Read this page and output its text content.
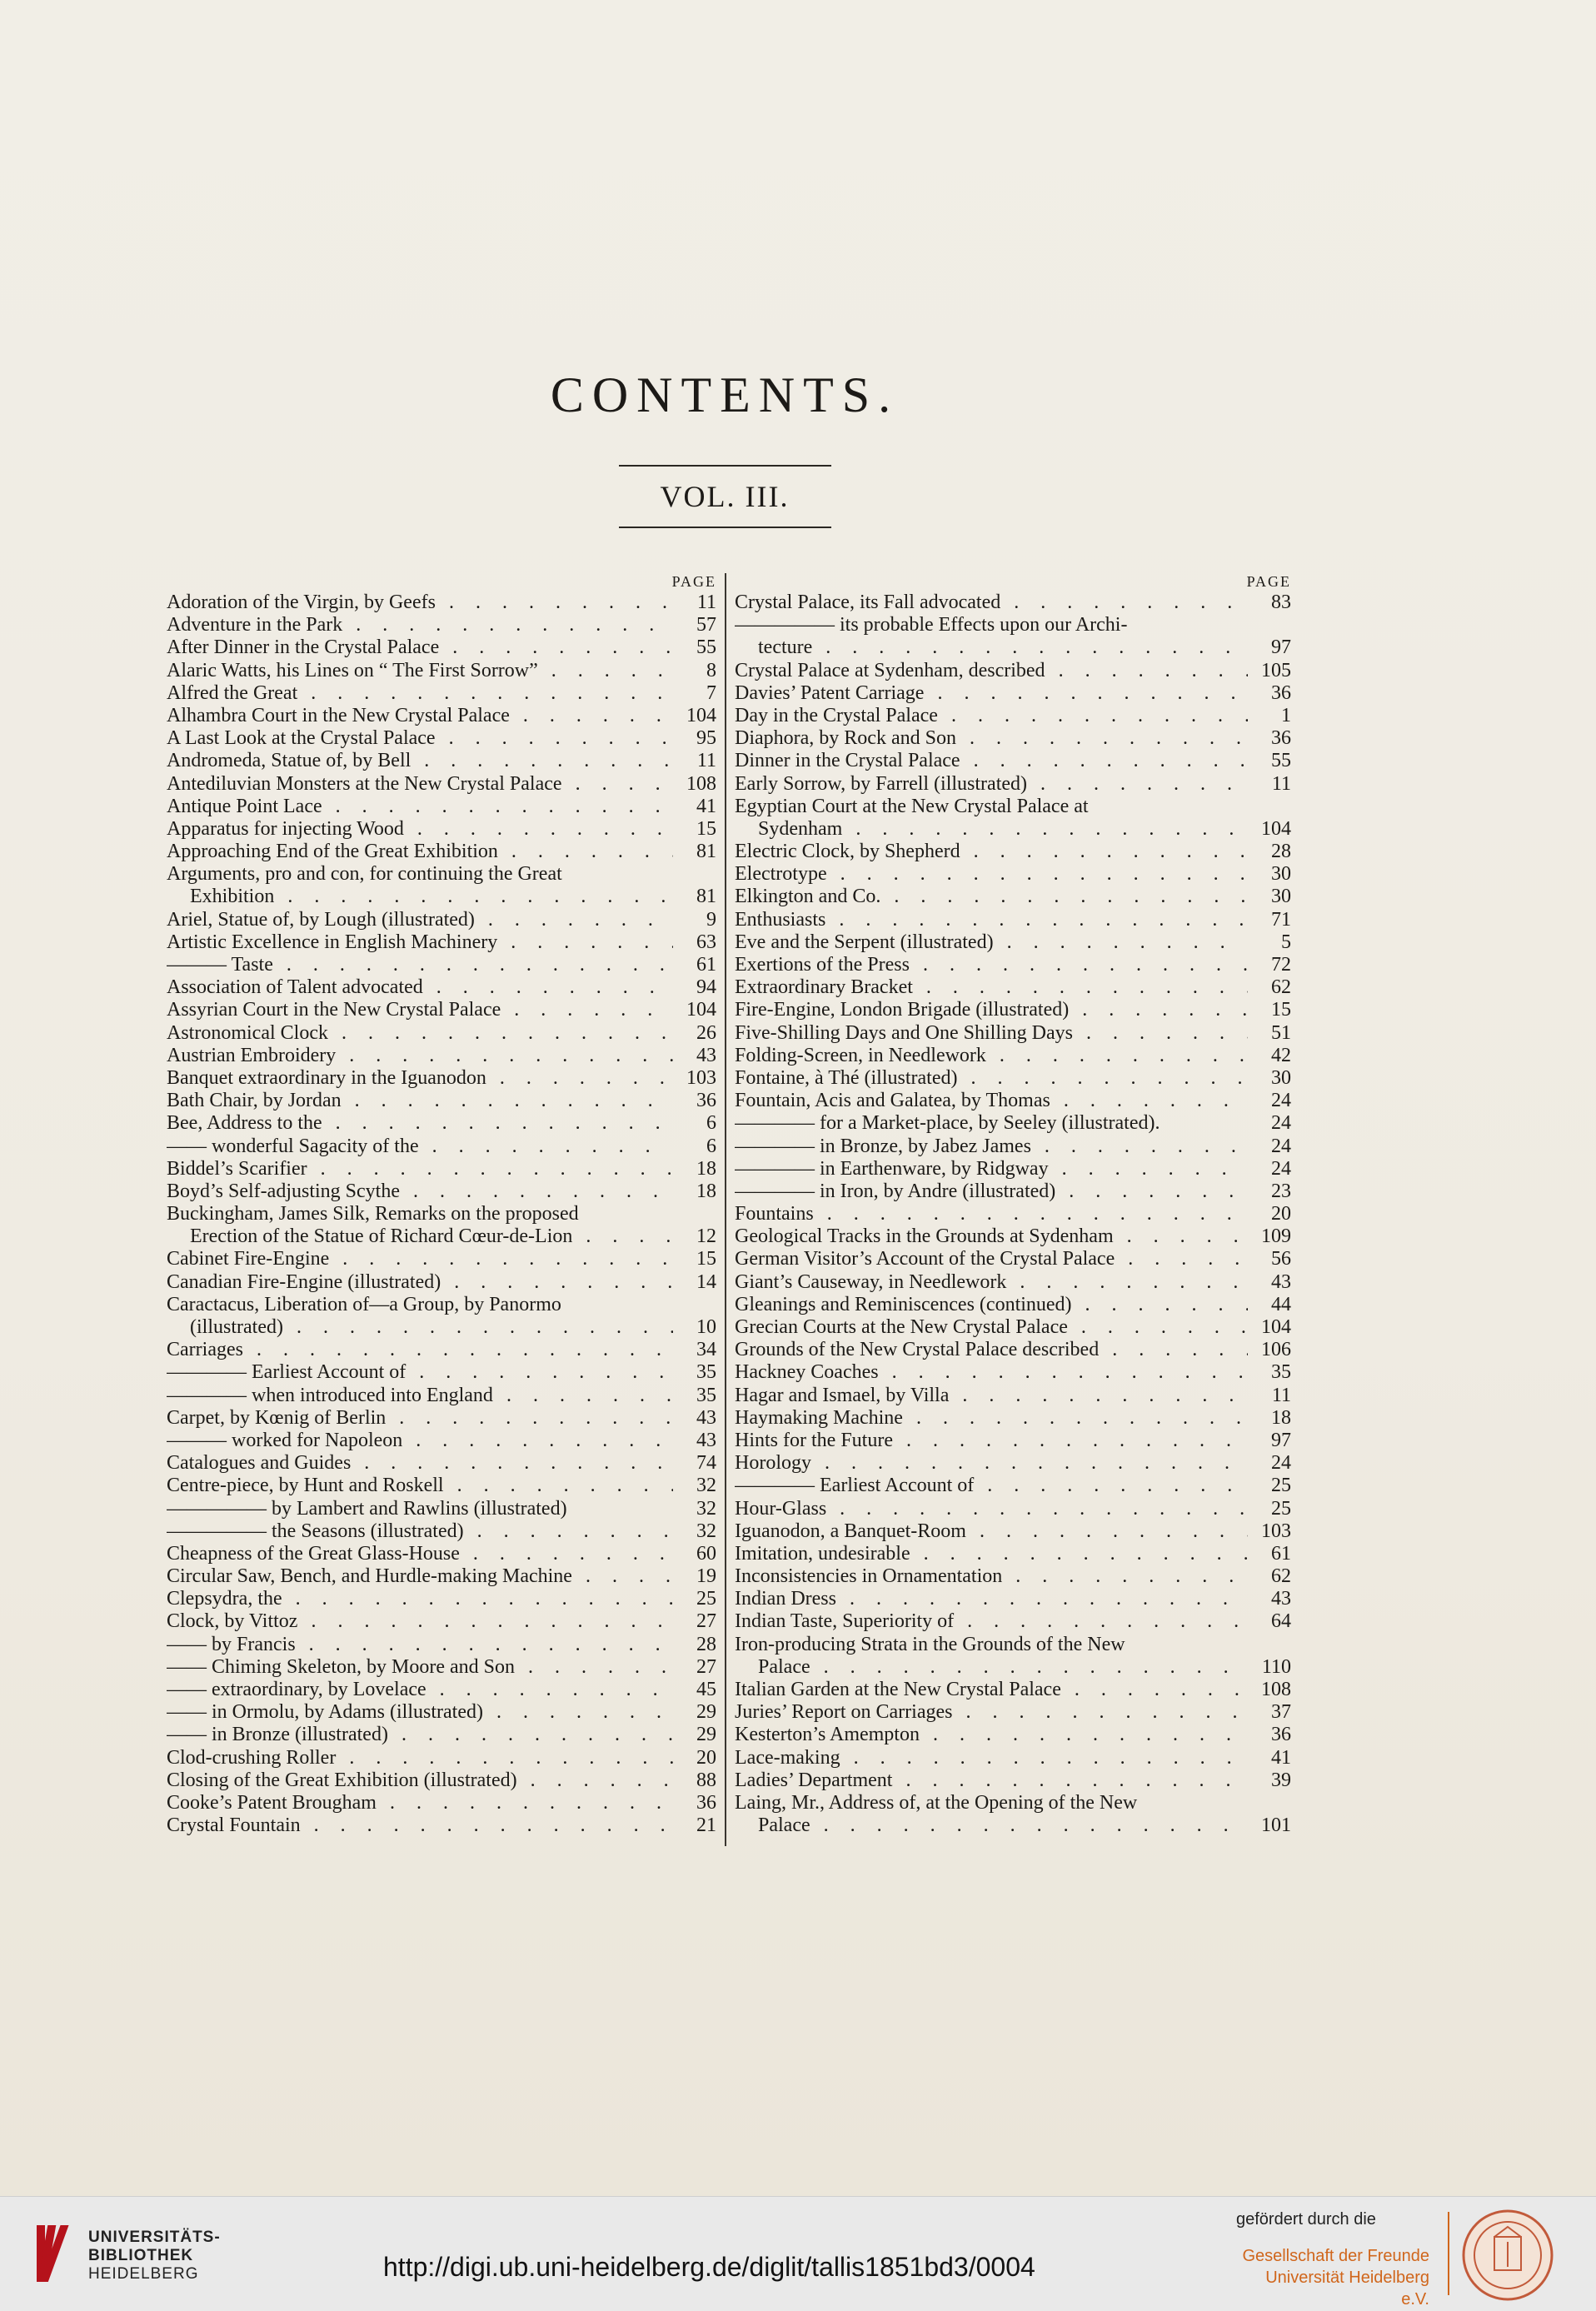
CONTENTS.
VOL. III.
PAGE
Adoration of the Virgin, by Geefs . . .	11
Adventure in the Park . . .	57
After Dinner in the Crystal Palace . . .	55
Alaric Watts, his Lines on “ The First Sorrow” . . .	8
Alfred the Great . . .	7
Alhambra Court in the New Crystal Palace . . .	104
A Last Look at the Crystal Palace . . .	95
Andromeda, Statue of, by Bell . . .	11
Antediluvian Monsters at the New Crystal Palace . . .	108
Antique Point Lace . . .	41
Apparatus for injecting Wood . . .	15
Approaching End of the Great Exhibition . . .	81
Arguments, pro and con, for continuing the Great
Exhibition . . .	81
Ariel, Statue of, by Lough (illustrated) . . .	9
Artistic Excellence in English Machinery . . .	63
——— Taste . . .	61
Association of Talent advocated . . .	94
Assyrian Court in the New Crystal Palace . . .	104
Astronomical Clock . . .	26
Austrian Embroidery . . .	43
Banquet extraordinary in the Iguanodon . . .	103
Bath Chair, by Jordan . . .	36
Bee, Address to the . . .	6
—— wonderful Sagacity of the . . .	6
Biddel’s Scarifier . . .	18
Boyd’s Self-adjusting Scythe . . .	18
Buckingham, James Silk, Remarks on the proposed
Erection of the Statue of Richard Cœur-de-Lion . . .	12
Cabinet Fire-Engine . . .	15
Canadian Fire-Engine (illustrated) . . .	14
Caractacus, Liberation of—a Group, by Panormo
(illustrated) . . .	10
Carriages . . .	34
———— Earliest Account of . . .	35
———— when introduced into England . . .	35
Carpet, by Kœnig of Berlin . . .	43
——— worked for Napoleon . . .	43
Catalogues and Guides . . .	74
Centre-piece, by Hunt and Roskell . . .	32
————— by Lambert and Rawlins (illustrated)	32
————— the Seasons (illustrated) . . .	32
Cheapness of the Great Glass-House . . .	60
Circular Saw, Bench, and Hurdle-making Machine . . .	19
Clepsydra, the . . .	25
Clock, by Vittoz . . .	27
—— by Francis . . .	28
—— Chiming Skeleton, by Moore and Son . . .	27
—— extraordinary, by Lovelace . . .	45
—— in Ormolu, by Adams (illustrated) . . .	29
—— in Bronze (illustrated) . . .	29
Clod-crushing Roller . . .	20
Closing of the Great Exhibition (illustrated) . . .	88
Cooke’s Patent Brougham . . .	36
Crystal Fountain . . .	21
PAGE
Crystal Palace, its Fall advocated . . .	83
————— its probable Effects upon our Archi-
tecture . . .	97
Crystal Palace at Sydenham, described . . .	105
Davies’ Patent Carriage . . .	36
Day in the Crystal Palace . . .	1
Diaphora, by Rock and Son . . .	36
Dinner in the Crystal Palace . . .	55
Early Sorrow, by Farrell (illustrated) . . .	11
Egyptian Court at the New Crystal Palace at
Sydenham . . .	104
Electric Clock, by Shepherd . . .	28
Electrotype . . .	30
Elkington and Co. . . .	30
Enthusiasts . . .	71
Eve and the Serpent (illustrated) . . .	5
Exertions of the Press . . .	72
Extraordinary Bracket . . .	62
Fire-Engine, London Brigade (illustrated) . . .	15
Five-Shilling Days and One Shilling Days . . .	51
Folding-Screen, in Needlework . . .	42
Fontaine, à Thé (illustrated) . . .	30
Fountain, Acis and Galatea, by Thomas . . .	24
———— for a Market-place, by Seeley (illustrated).	24
———— in Bronze, by Jabez James . . .	24
———— in Earthenware, by Ridgway . . .	24
———— in Iron, by Andre (illustrated) . . .	23
Fountains . . .	20
Geological Tracks in the Grounds at Sydenham . . .	109
German Visitor’s Account of the Crystal Palace . . .	56
Giant’s Causeway, in Needlework . . .	43
Gleanings and Reminiscences (continued) . . .	44
Grecian Courts at the New Crystal Palace . . .	104
Grounds of the New Crystal Palace described . . .	106
Hackney Coaches . . .	35
Hagar and Ismael, by Villa . . .	11
Haymaking Machine . . .	18
Hints for the Future . . .	97
Horology . . .	24
———— Earliest Account of . . .	25
Hour-Glass . . .	25
Iguanodon, a Banquet-Room . . .	103
Imitation, undesirable . . .	61
Inconsistencies in Ornamentation . . .	62
Indian Dress . . .	43
Indian Taste, Superiority of . . .	64
Iron-producing Strata in the Grounds of the New
Palace . . .	110
Italian Garden at the New Crystal Palace . . .	108
Juries’ Report on Carriages . . .	37
Kesterton’s Amempton . . .	36
Lace-making . . .	41
Ladies’ Department . . .	39
Laing, Mr., Address of, at the Opening of the New
Palace . . .	101
UNIVERSITÄTS-
BIBLIOTHEK
HEIDELBERG	http://digi.ub.uni-heidelberg.de/diglit/tallis1851bd3/0004
gefördert durch die
Gesellschaft der Freunde
Universität Heidelberg e.V.
